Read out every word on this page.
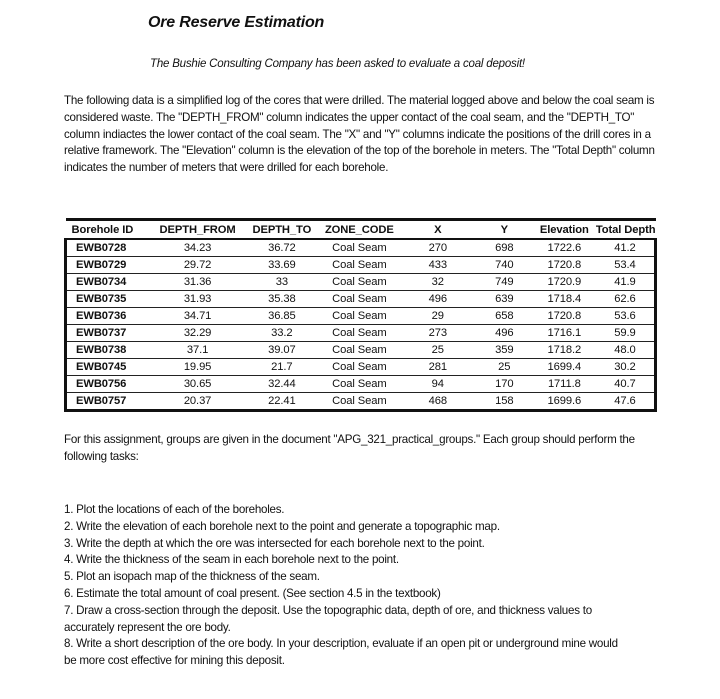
Ore Reserve Estimation
The Bushie Consulting Company has been asked to evaluate a coal deposit!

The following data is a simplified log of the cores that were drilled. The material logged above and below the coal seam is considered waste. The "DEPTH_FROM" column indicates the upper contact of the coal seam, and the "DEPTH_TO" column indiactes the lower contact of the coal seam. The "X" and "Y" columns indicate the positions of the drill cores in a relative framework. The "Elevation" column is the elevation of the top of the borehole in meters. The "Total Depth" column indicates the number of meters that were drilled for each borehole.

Borehole ID	DEPTH_FROM	DEPTH_TO	ZONE_CODE	X	Y	Elevation	Total Depth
EWB0728	34.23	36.72	Coal Seam	270	698	1722.6	41.2
EWB0729	29.72	33.69	Coal Seam	433	740	1720.8	53.4
EWB0734	31.36	33	Coal Seam	32	749	1720.9	41.9
EWB0735	31.93	35.38	Coal Seam	496	639	1718.4	62.6
EWB0736	34.71	36.85	Coal Seam	29	658	1720.8	53.6
EWB0737	32.29	33.2	Coal Seam	273	496	1716.1	59.9
EWB0738	37.1	39.07	Coal Seam	25	359	1718.2	48.0
EWB0745	19.95	21.7	Coal Seam	281	25	1699.4	30.2
EWB0756	30.65	32.44	Coal Seam	94	170	1711.8	40.7
EWB0757	20.37	22.41	Coal Seam	468	158	1699.6	47.6

For this assignment, groups are given in the document "APG_321_practical_groups." Each group should perform the following tasks:

1. Plot the locations of each of the boreholes.
2. Write the elevation of each borehole next to the point and generate a topographic map.
3. Write the depth at which the ore was intersected for each borehole next to the point.
4. Write the thickness of the seam in each borehole next to the point.
5. Plot an isopach map of the thickness of the seam.
6. Estimate the total amount of coal present. (See section 4.5 in the textbook)
7. Draw a cross-section through the deposit. Use the topographic data, depth of ore, and thickness values to accurately represent the ore body.
8. Write a short description of the ore body. In your description, evaluate if an open pit or underground mine would be more cost effective for mining this deposit.
